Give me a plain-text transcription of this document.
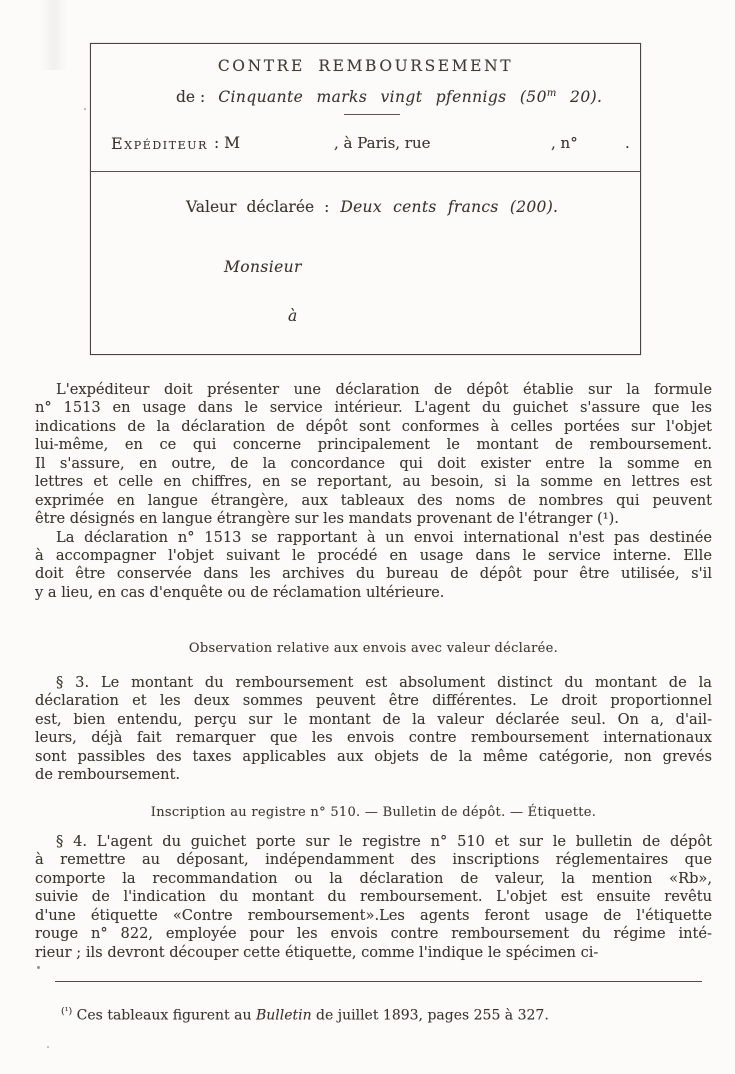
CONTRE REMBOURSEMENT
de : Cinquante marks vingt pfennigs (50$^m$ 20).
Expéditeur : M	, à Paris, rue	, n°	.
Valeur déclarée : Deux cents francs (200).
Monsieur
à
L'expéditeur doit présenter une déclaration de dépôt établie sur la formule
n° 1513 en usage dans le service intérieur. L'agent du guichet s'assure que les
indications de la déclaration de dépôt sont conformes à celles portées sur l'objet
lui-même, en ce qui concerne principalement le montant de remboursement.
Il s'assure, en outre, de la concordance qui doit exister entre la somme en
lettres et celle en chiffres, en se reportant, au besoin, si la somme en lettres est
exprimée en langue étrangère, aux tableaux des noms de nombres qui peuvent
être désignés en langue étrangère sur les mandats provenant de l'étranger (¹).
La déclaration n° 1513 se rapportant à un envoi international n'est pas destinée
à accompagner l'objet suivant le procédé en usage dans le service interne. Elle
doit être conservée dans les archives du bureau de dépôt pour être utilisée, s'il
y a lieu, en cas d'enquête ou de réclamation ultérieure.
Observation relative aux envois avec valeur déclarée.
§ 3. Le montant du remboursement est absolument distinct du montant de la
déclaration et les deux sommes peuvent être différentes. Le droit proportionnel
est, bien entendu, perçu sur le montant de la valeur déclarée seul. On a, d'ail-
leurs, déjà fait remarquer que les envois contre remboursement internationaux
sont passibles des taxes applicables aux objets de la même catégorie, non grevés
de remboursement.
Inscription au registre n° 510. — Bulletin de dépôt. — Étiquette.
§ 4. L'agent du guichet porte sur le registre n° 510 et sur le bulletin de dépôt
à remettre au déposant, indépendamment des inscriptions réglementaires que
comporte la recommandation ou la déclaration de valeur, la mention «Rb»,
suivie de l'indication du montant du remboursement. L'objet est ensuite revêtu
d'une étiquette «Contre remboursement».Les agents feront usage de l'étiquette
rouge n° 822, employée pour les envois contre remboursement du régime inté-
rieur ; ils devront découper cette étiquette, comme l'indique le spécimen ci-
$^{(^1)}$ Ces tableaux figurent au Bulletin de juillet 1893, pages 255 à 327.
